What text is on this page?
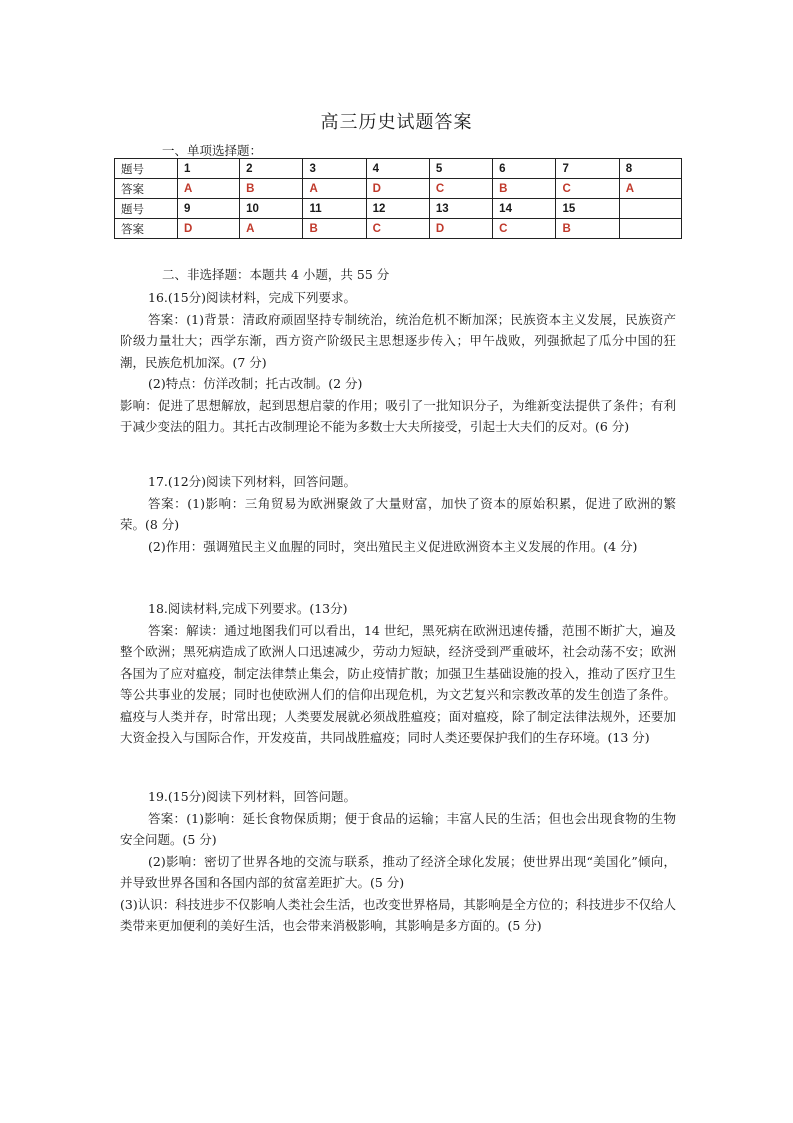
高三历史试题答案
一、单项选择题：
题号	1	2	3	4	5	6	7	8
答案	A	B	A	D	C	B	C	A
题号	9	10	11	12	13	14	15	
答案	D	A	B	C	D	C	B	
二、非选择题：本题共 4 小题，共 55 分

16.(15分)阅读材料，完成下列要求。

答案：(1)背景：清政府顽固坚持专制统治，统治危机不断加深；民族资本主义发展，民族资产阶级力量壮大；西学东渐，西方资产阶级民主思想逐步传入；甲午战败，列强掀起了瓜分中国的狂潮，民族危机加深。(7 分)

(2)特点：仿洋改制；托古改制。(2 分)

影响：促进了思想解放，起到思想启蒙的作用；吸引了一批知识分子，为维新变法提供了条件；有利于减少变法的阻力。其托古改制理论不能为多数士大夫所接受，引起士大夫们的反对。(6 分)

17.(12分)阅读下列材料，回答问题。

答案：(1)影响：三角贸易为欧洲聚敛了大量财富，加快了资本的原始积累，促进了欧洲的繁荣。(8 分)

(2)作用：强调殖民主义血腥的同时，突出殖民主义促进欧洲资本主义发展的作用。(4 分)

18.阅读材料,完成下列要求。(13分)

答案：解读：通过地图我们可以看出，14 世纪，黑死病在欧洲迅速传播，范围不断扩大，遍及整个欧洲；黑死病造成了欧洲人口迅速减少，劳动力短缺，经济受到严重破坏，社会动荡不安；欧洲各国为了应对瘟疫，制定法律禁止集会，防止疫情扩散；加强卫生基础设施的投入，推动了医疗卫生等公共事业的发展；同时也使欧洲人们的信仰出现危机，为文艺复兴和宗教改革的发生创造了条件。瘟疫与人类并存，时常出现；人类要发展就必须战胜瘟疫；面对瘟疫，除了制定法律法规外，还要加大资金投入与国际合作，开发疫苗，共同战胜瘟疫；同时人类还要保护我们的生存环境。(13 分)

19.(15分)阅读下列材料，回答问题。

答案：(1)影响：延长食物保质期；便于食品的运输；丰富人民的生活；但也会出现食物的生物安全问题。(5 分)

(2)影响：密切了世界各地的交流与联系，推动了经济全球化发展；使世界出现“美国化”倾向，并导致世界各国和各国内部的贫富差距扩大。(5 分)

(3)认识：科技进步不仅影响人类社会生活，也改变世界格局，其影响是全方位的；科技进步不仅给人类带来更加便利的美好生活，也会带来消极影响，其影响是多方面的。(5 分)
